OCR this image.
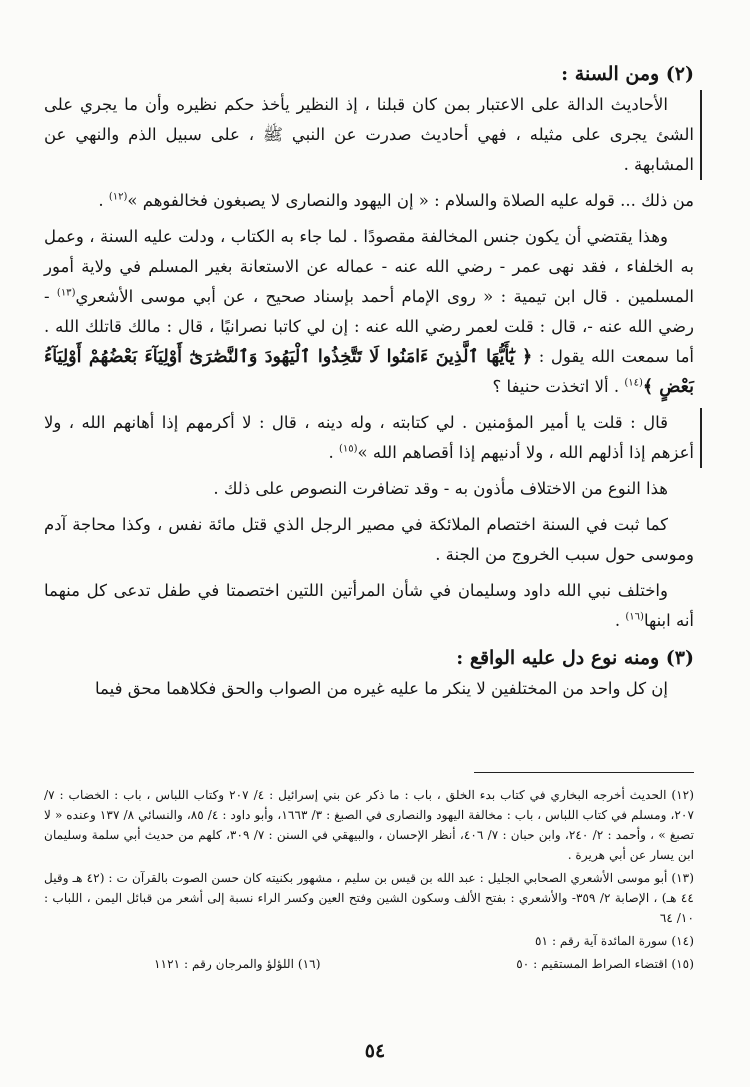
(٢) ومن السنة :

الأحاديث الدالة على الاعتبار بمن كان قبلنا ، إذ النظير يأخذ حكم نظيره وأن ما يجري على الشئ يجرى على مثيله ، فهي أحاديث صدرت عن النبي ﷺ ، على سبيل الذم والنهي عن المشابهة .

من ذلك ... قوله عليه الصلاة والسلام : « إن اليهود والنصارى لا يصبغون فخالفوهم »$^{(١٢)}$ .

وهذا يقتضي أن يكون جنس المخالفة مقصودًا . لما جاء به الكتاب ، ودلت عليه السنة ، وعمل به الخلفاء ، فقد نهى عمر - رضي الله عنه - عماله عن الاستعانة بغير المسلم في ولاية أمور المسلمين . قال ابن تيمية : « روى الإمام أحمد بإسناد صحيح ، عن أبي موسى الأشعري$^{(١٣)}$ - رضي الله عنه -، قال : قلت لعمر رضي الله عنه : إن لي كاتبا نصرانيًا ، قال : مالك قاتلك الله . أما سمعت الله يقول : ﴿ يَٰٓأَيُّهَا ٱلَّذِينَ ءَامَنُوا لَا تَتَّخِذُوا ٱلْيَهُودَ وَٱلنَّصَٰرَىٰٓ أَوْلِيَآءَ بَعْضُهُمْ أَوْلِيَآءُ بَعْضٍ ﴾$^{(١٤)}$ . ألا اتخذت حنيفا ؟

قال : قلت يا أمير المؤمنين . لي كتابته ، وله دينه ، قال : لا أكرمهم إذا أهانهم الله ، ولا أعزهم إذا أذلهم الله ، ولا أدنيهم إذا أقصاهم الله »$^{(١٥)}$ .

هذا النوع من الاختلاف مأذون به - وقد تضافرت النصوص على ذلك .

كما ثبت في السنة اختصام الملائكة في مصير الرجل الذي قتل مائة نفس ، وكذا محاجة آدم وموسى حول سبب الخروج من الجنة .

واختلف نبي الله داود وسليمان في شأن المرأتين اللتين اختصمتا في طفل تدعى كل منهما أنه ابنها$^{(١٦)}$ .

(٣) ومنه نوع دل عليه الواقع :

إن كل واحد من المختلفين لا ينكر ما عليه غيره من الصواب والحق فكلاهما محق فيما

(١٢) الحديث أخرجه البخاري في كتاب بدء الخلق ، باب : ما ذكر عن بني إسرائيل : ٤/ ٢٠٧ وكتاب اللباس ، باب : الخضاب : ٧/ ٢٠٧، ومسلم في كتاب اللباس ، باب : مخالفة اليهود والنصارى في الصبغ : ٣/ ١٦٦٣، وأبو داود : ٤/ ٨٥، والنسائي ٨/ ١٣٧ وعنده « لا تصبغ » ، وأحمد : ٢/ ٢٤٠، وابن حبان : ٧/ ٤٠٦، أنظر الإحسان ، والبيهقي في السنن : ٧/ ٣٠٩، كلهم من حديث أبي سلمة وسليمان ابن يسار عن أبي هريرة .

(١٣) أبو موسى الأشعري الصحابي الجليل : عبد الله بن قيس بن سليم ، مشهور بكنيته كان حسن الصوت بالقرآن ت : (٤٢ هـ وقيل ٤٤ هـ) ، الإصابة ٢/ ٣٥٩- والأشعري : بفتح الألف وسكون الشين وفتح العين وكسر الراء نسبة إلى أشعر من قبائل اليمن ، اللباب : ١٠/ ٦٤

(١٤) سورة المائدة آية رقم : ٥١

(١٥) اقتضاء الصراط المستقيم : ٥٠

(١٦) اللؤلؤ والمرجان رقم : ١١٢١

٥٤
